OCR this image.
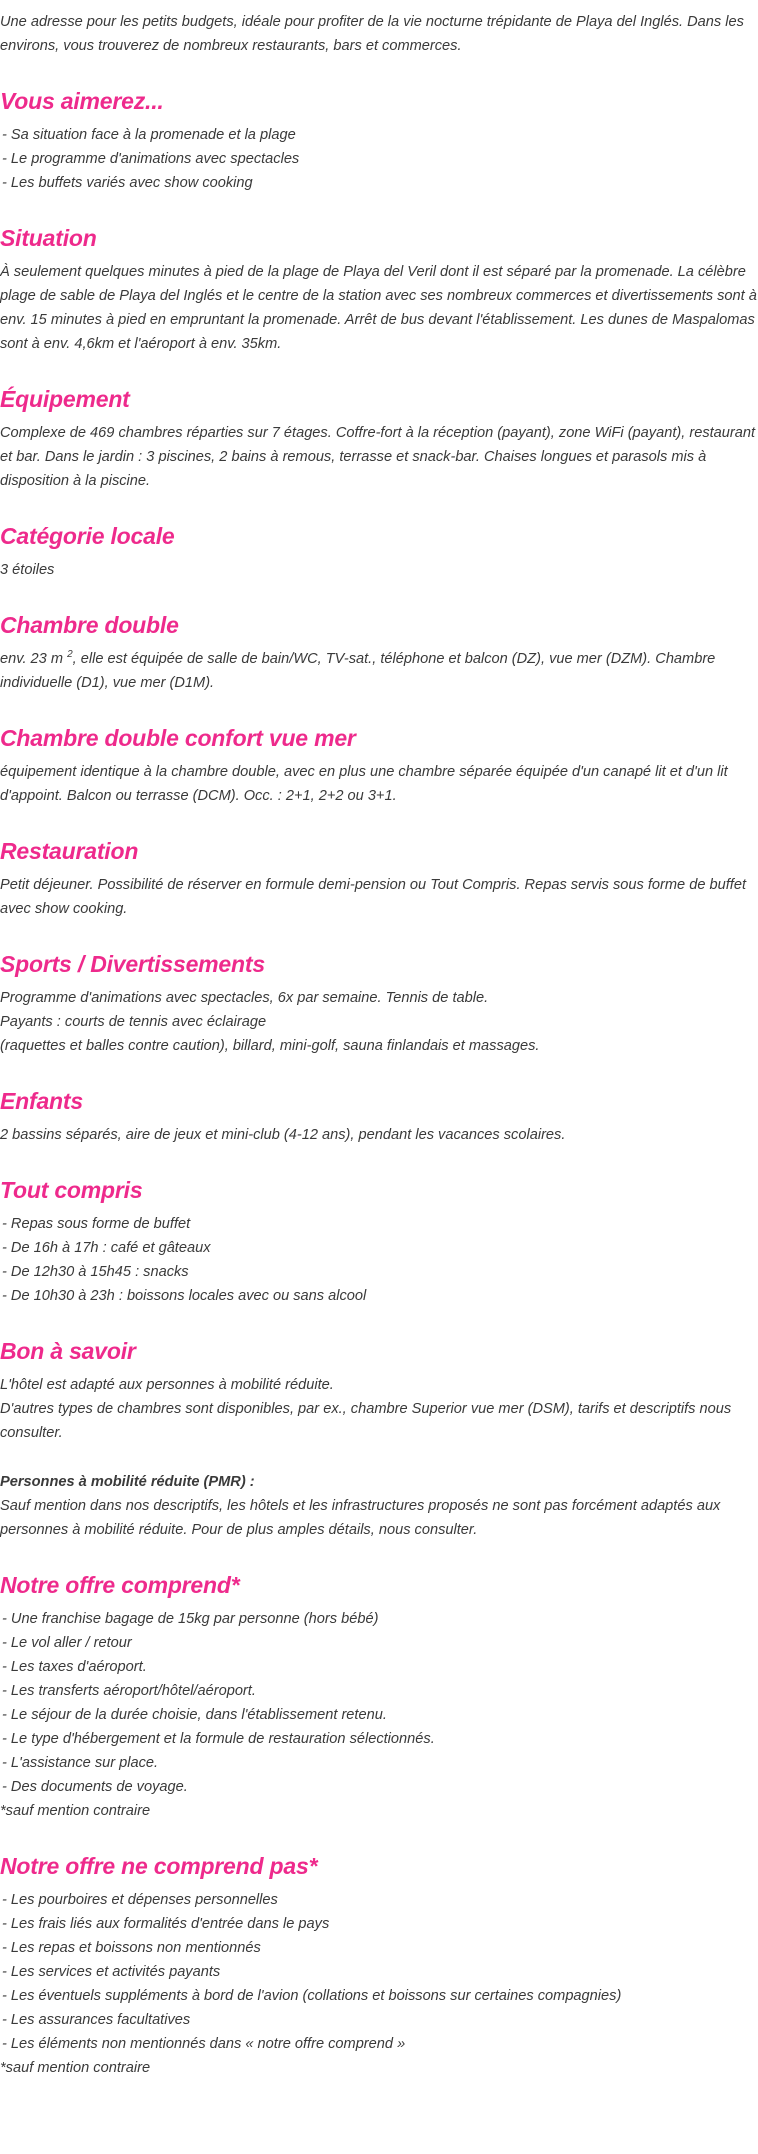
Une adresse pour les petits budgets, idéale pour profiter de la vie nocturne trépidante de Playa del Inglés. Dans les environs, vous trouverez de nombreux restaurants, bars et commerces.

Vous aimerez...
- Sa situation face à la promenade et la plage
- Le programme d'animations avec spectacles
- Les buffets variés avec show cooking
Situation

À seulement quelques minutes à pied de la plage de Playa del Veril dont il est séparé par la promenade. La célèbre plage de sable de Playa del Inglés et le centre de la station avec ses nombreux commerces et divertissements sont à env. 15 minutes à pied en empruntant la promenade. Arrêt de bus devant l'établissement. Les dunes de Maspalomas sont à env. 4,6km et l'aéroport à env. 35km.

Équipement

Complexe de 469 chambres réparties sur 7 étages. Coffre-fort à la réception (payant), zone WiFi (payant), restaurant et bar. Dans le jardin : 3 piscines, 2 bains à remous, terrasse et snack-bar. Chaises longues et parasols mis à disposition à la piscine.

Catégorie locale

3 étoiles

Chambre double

env. 23 m $^2$, elle est équipée de salle de bain/WC, TV-sat., téléphone et balcon (DZ), vue mer (DZM). Chambre individuelle (D1), vue mer (D1M).

Chambre double confort vue mer

équipement identique à la chambre double, avec en plus une chambre séparée équipée d'un canapé lit et d'un lit d'appoint. Balcon ou terrasse (DCM). Occ. : 2+1, 2+2 ou 3+1.

Restauration

Petit déjeuner. Possibilité de réserver en formule demi-pension ou Tout Compris. Repas servis sous forme de buffet avec show cooking.

Sports / Divertissements
Programme d'animations avec spectacles, 6x par semaine. Tennis de table.
Payants : courts de tennis avec éclairage
(raquettes et balles contre caution), billard, mini-golf, sauna finlandais et massages.
Enfants

2 bassins séparés, aire de jeux et mini-club (4-12 ans), pendant les vacances scolaires.

Tout compris
- Repas sous forme de buffet
- De 16h à 17h : café et gâteaux
- De 12h30 à 15h45 : snacks
- De 10h30 à 23h : boissons locales avec ou sans alcool
Bon à savoir
L'hôtel est adapté aux personnes à mobilité réduite.
D'autres types de chambres sont disponibles, par ex., chambre Superior vue mer (DSM), tarifs et descriptifs nous consulter.
Personnes à mobilité réduite (PMR) :
Sauf mention dans nos descriptifs, les hôtels et les infrastructures proposés ne sont pas forcément adaptés aux personnes à mobilité réduite. Pour de plus amples détails, nous consulter.
Notre offre comprend*
- Une franchise bagage de 15kg par personne (hors bébé)
- Le vol aller / retour
- Les taxes d'aéroport.
- Les transferts aéroport/hôtel/aéroport.
- Le séjour de la durée choisie, dans l'établissement retenu.
- Le type d'hébergement et la formule de restauration sélectionnés.
- L'assistance sur place.
- Des documents de voyage.
*sauf mention contraire
Notre offre ne comprend pas*
- Les pourboires et dépenses personnelles
- Les frais liés aux formalités d'entrée dans le pays
- Les repas et boissons non mentionnés
- Les services et activités payants
- Les éventuels suppléments à bord de l'avion (collations et boissons sur certaines compagnies)
- Les assurances facultatives
- Les éléments non mentionnés dans « notre offre comprend »
*sauf mention contraire
